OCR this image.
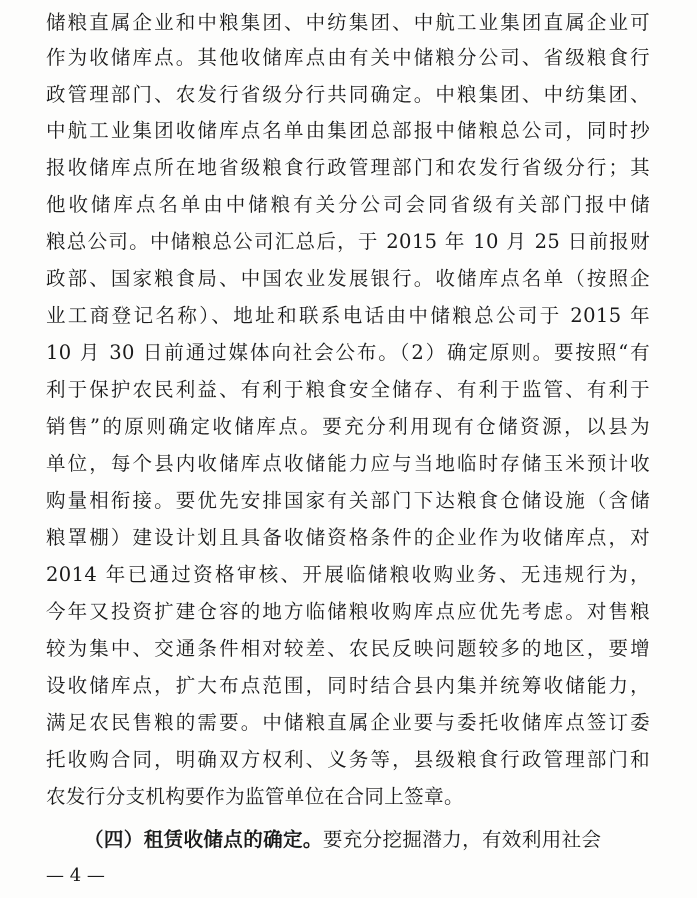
储粮直属企业和中粮集团、中纺集团、中航工业集团直属企业可
作为收储库点。其他收储库点由有关中储粮分公司、省级粮食行
政管理部门、农发行省级分行共同确定。中粮集团、中纺集团、
中航工业集团收储库点名单由集团总部报中储粮总公司，同时抄
报收储库点所在地省级粮食行政管理部门和农发行省级分行；其
他收储库点名单由中储粮有关分公司会同省级有关部门报中储
粮总公司。中储粮总公司汇总后，于 2015 年 10 月 25 日前报财
政部、国家粮食局、中国农业发展银行。收储库点名单（按照企
业工商登记名称）、地址和联系电话由中储粮总公司于 2015 年
10 月 30 日前通过媒体向社会公布。（2）确定原则。要按照“有
利于保护农民利益、有利于粮食安全储存、有利于监管、有利于
销售”的原则确定收储库点。要充分利用现有仓储资源，以县为
单位，每个县内收储库点收储能力应与当地临时存储玉米预计收
购量相衔接。要优先安排国家有关部门下达粮食仓储设施（含储
粮罩棚）建设计划且具备收储资格条件的企业作为收储库点，对
2014 年已通过资格审核、开展临储粮收购业务、无违规行为，
今年又投资扩建仓容的地方临储粮收购库点应优先考虑。对售粮
较为集中、交通条件相对较差、农民反映问题较多的地区，要增
设收储库点，扩大布点范围，同时结合县内集并统筹收储能力，
满足农民售粮的需要。中储粮直属企业要与委托收储库点签订委
托收购合同，明确双方权利、义务等，县级粮食行政管理部门和
农发行分支机构要作为监管单位在合同上签章。
（四）租赁收储点的确定。要充分挖掘潜力，有效利用社会
— 4 —
